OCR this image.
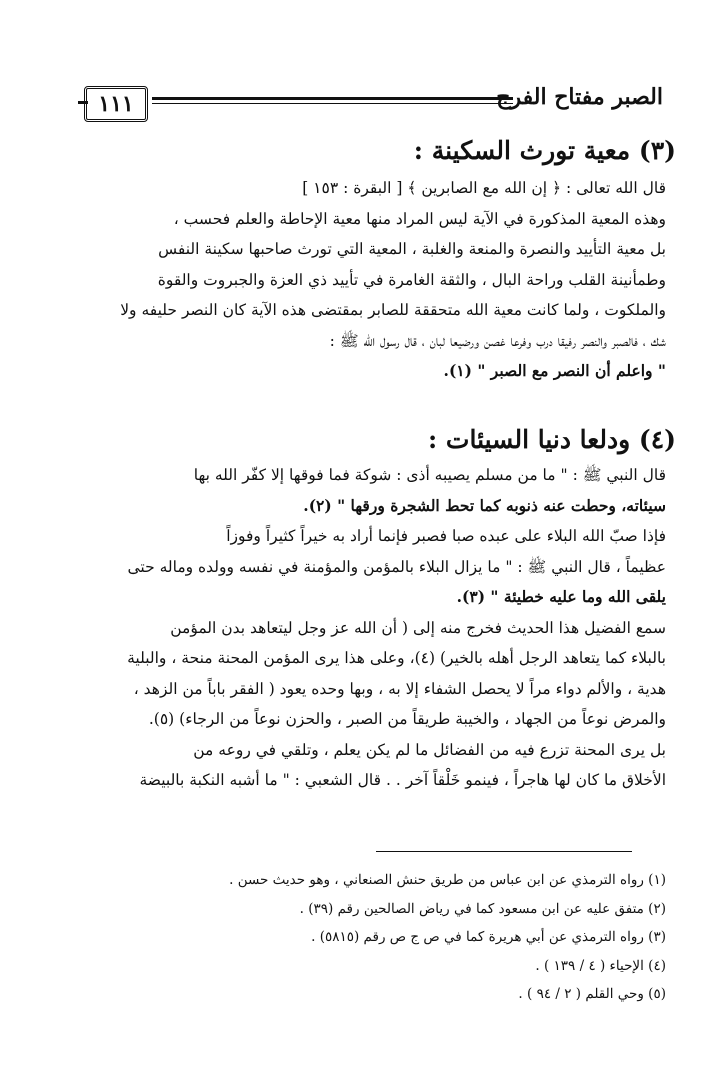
الصبر مفتاح الفرج
١١١
(٣) معية تورث السكينة :
قال الله تعالى : ﴿ إن الله مع الصابرين ﴾ [ البقرة : ١٥٣ ]
وهذه المعية المذكورة في الآية ليس المراد منها معية الإحاطة والعلم فحسب ،
بل معية التأييد والنصرة والمنعة والغلبة ، المعية التي تورث صاحبها سكينة النفس
وطمأنينة القلب وراحة البال ، والثقة الغامرة في تأييد ذي العزة والجبروت والقوة
والملكوت ، ولما كانت معية الله متحققة للصابر بمقتضى هذه الآية كان النصر حليفه ولا
شك ، فالصبر والنصر رفيقا درب وفرعا غصن ورضيعا لبان ، قال رسول الله ﷺ :
" واعلم أن النصر مع الصبر " (١).
(٤) ودلعا دنيا السيئات :
قال النبي ﷺ : " ما من مسلم يصيبه أذى : شوكة فما فوقها إلا كفّر الله بها
سيئاته، وحطت عنه ذنوبه كما تحط الشجرة ورقها " (٢).
فإذا صبّ الله البلاء على عبده صبا فصبر فإنما أراد به خيراً كثيراً وفوزاً
عظيماً ، قال النبي ﷺ : " ما يزال البلاء بالمؤمن والمؤمنة في نفسه وولده وماله حتى
يلقى الله وما عليه خطيئة " (٣).
سمع الفضيل هذا الحديث فخرج منه إلى ( أن الله عز وجل ليتعاهد بدن المؤمن
بالبلاء كما يتعاهد الرجل أهله بالخير) (٤)، وعلى هذا يرى المؤمن المحنة منحة ، والبلية
هدية ، والألم دواء مراً لا يحصل الشفاء إلا به ، وبها وحده يعود ( الفقر باباً من الزهد ،
والمرض نوعاً من الجهاد ، والخيبة طريقاً من الصبر ، والحزن نوعاً من الرجاء) (٥).
بل يرى المحنة تزرع فيه من الفضائل ما لم يكن يعلم ، وتلقي في روعه من
الأخلاق ما كان لها هاجراً ، فينمو خَلْقاً آخر . . قال الشعبي : " ما أشبه النكبة بالبيضة
(١) رواه الترمذي عن ابن عباس من طريق حنش الصنعاني ، وهو حديث حسن .
(٢) متفق عليه عن ابن مسعود كما في رياض الصالحين رقم (٣٩) .
(٣) رواه الترمذي عن أبي هريرة كما في ص ج ص رقم (٥٨١٥) .
(٤) الإحياء ( ٤ / ١٣٩ ) .
(٥) وحي القلم ( ٢ / ٩٤ ) .
